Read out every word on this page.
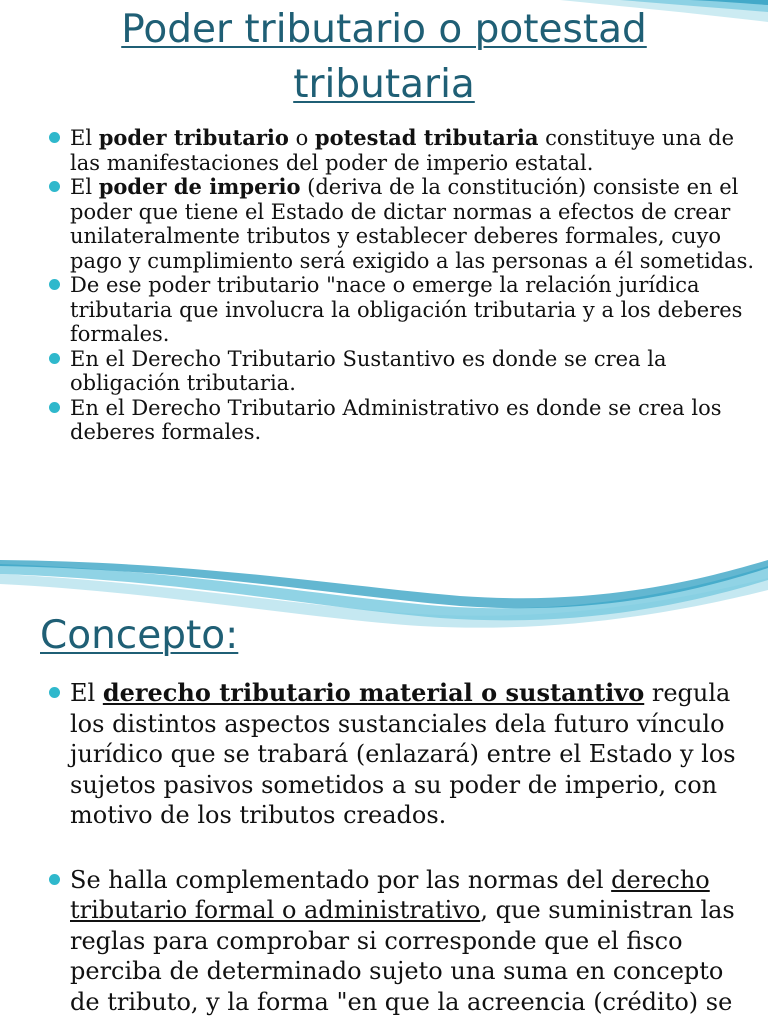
Poder tributario o potestad
tributaria
El poder tributario o potestad tributaria constituye una de las manifestaciones del poder de imperio estatal.
El poder de imperio (deriva de la constitución) consiste en el poder que tiene el Estado de dictar normas a efectos de crear unilateralmente tributos y establecer deberes formales, cuyo pago y cumplimiento será exigido a las personas a él sometidas.
De ese poder tributario "nace o emerge la relación jurídica tributaria que involucra la obligación tributaria y a los deberes formales.
En el Derecho Tributario Sustantivo es donde se crea la obligación tributaria.
En el Derecho Tributario Administrativo es donde se crea los deberes formales.
Concepto:
El derecho tributario material o sustantivo regula los distintos aspectos sustanciales dela futuro vínculo jurídico que se trabará (enlazará) entre el Estado y los sujetos pasivos sometidos a su poder de imperio, con motivo de los tributos creados.
Se halla complementado por las normas del derecho tributario formal o administrativo, que suministran las reglas para comprobar si corresponde que el fisco perciba de determinado sujeto una suma en concepto de tributo, y la forma "en que la acreencia (crédito) se
